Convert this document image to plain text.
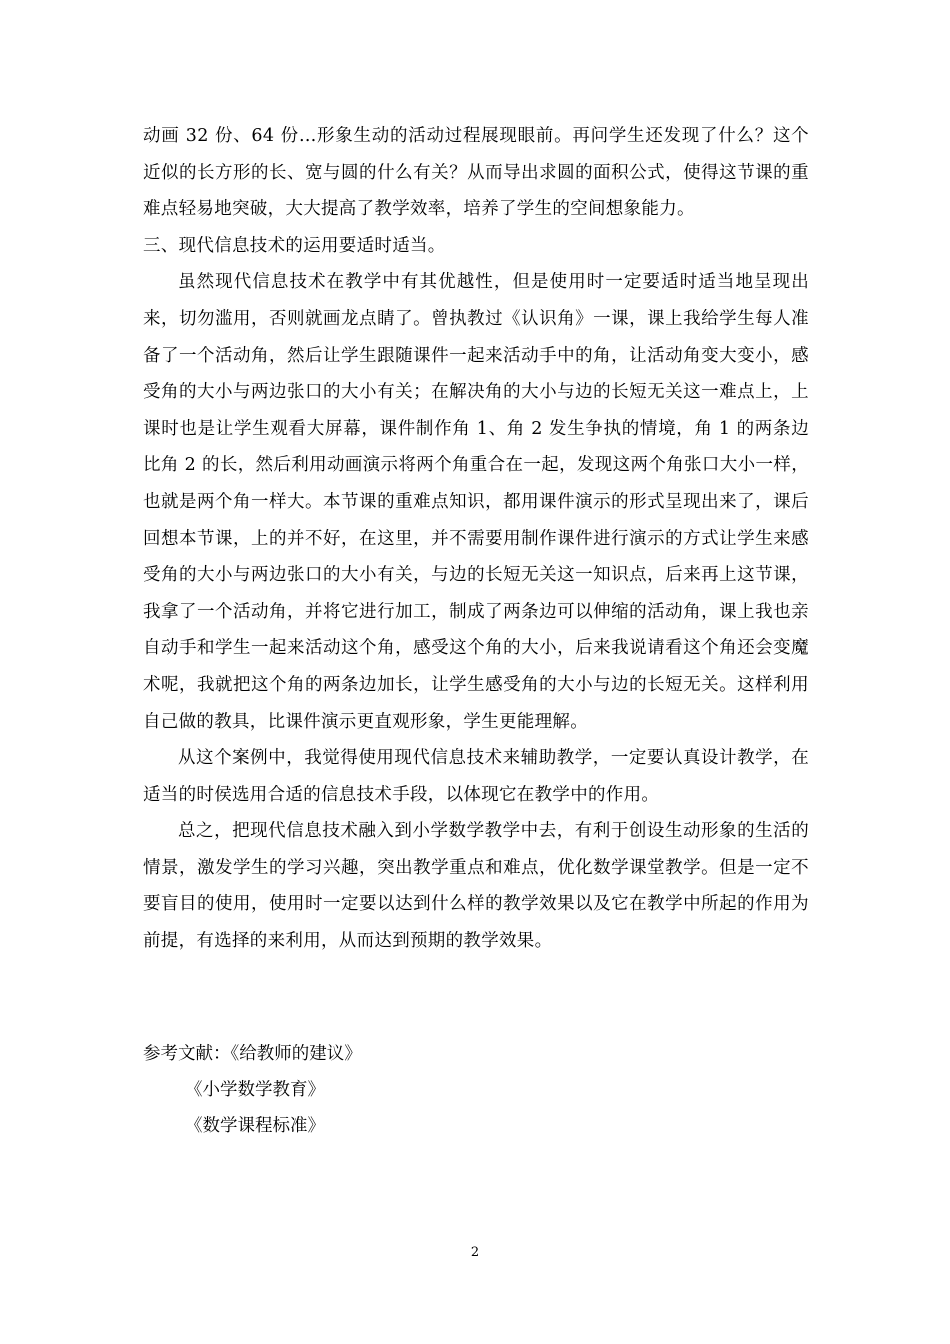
动画 32 份、64 份…形象生动的活动过程展现眼前。再问学生还发现了什么？这个近似的长方形的长、宽与圆的什么有关？从而导出求圆的面积公式，使得这节课的重难点轻易地突破，大大提高了教学效率，培养了学生的空间想象能力。

三、现代信息技术的运用要适时适当。

虽然现代信息技术在教学中有其优越性，但是使用时一定要适时适当地呈现出来，切勿滥用，否则就画龙点睛了。曾执教过《认识角》一课，课上我给学生每人准备了一个活动角，然后让学生跟随课件一起来活动手中的角，让活动角变大变小，感受角的大小与两边张口的大小有关；在解决角的大小与边的长短无关这一难点上，上课时也是让学生观看大屏幕，课件制作角 1、角 2 发生争执的情境，角 1 的两条边比角 2 的长，然后利用动画演示将两个角重合在一起，发现这两个角张口大小一样，也就是两个角一样大。本节课的重难点知识，都用课件演示的形式呈现出来了，课后回想本节课，上的并不好，在这里，并不需要用制作课件进行演示的方式让学生来感受角的大小与两边张口的大小有关，与边的长短无关这一知识点，后来再上这节课，我拿了一个活动角，并将它进行加工，制成了两条边可以伸缩的活动角，课上我也亲自动手和学生一起来活动这个角，感受这个角的大小，后来我说请看这个角还会变魔术呢，我就把这个角的两条边加长，让学生感受角的大小与边的长短无关。这样利用自己做的教具，比课件演示更直观形象，学生更能理解。

从这个案例中，我觉得使用现代信息技术来辅助教学，一定要认真设计教学，在适当的时侯选用合适的信息技术手段，以体现它在教学中的作用。

总之，把现代信息技术融入到小学数学教学中去，有利于创设生动形象的生活的情景，激发学生的学习兴趣，突出教学重点和难点，优化数学课堂教学。但是一定不要盲目的使用，使用时一定要以达到什么样的教学效果以及它在教学中所起的作用为前提，有选择的来利用，从而达到预期的教学效果。

参考文献：《给教师的建议》
《小学数学教育》
《数学课程标准》
2
